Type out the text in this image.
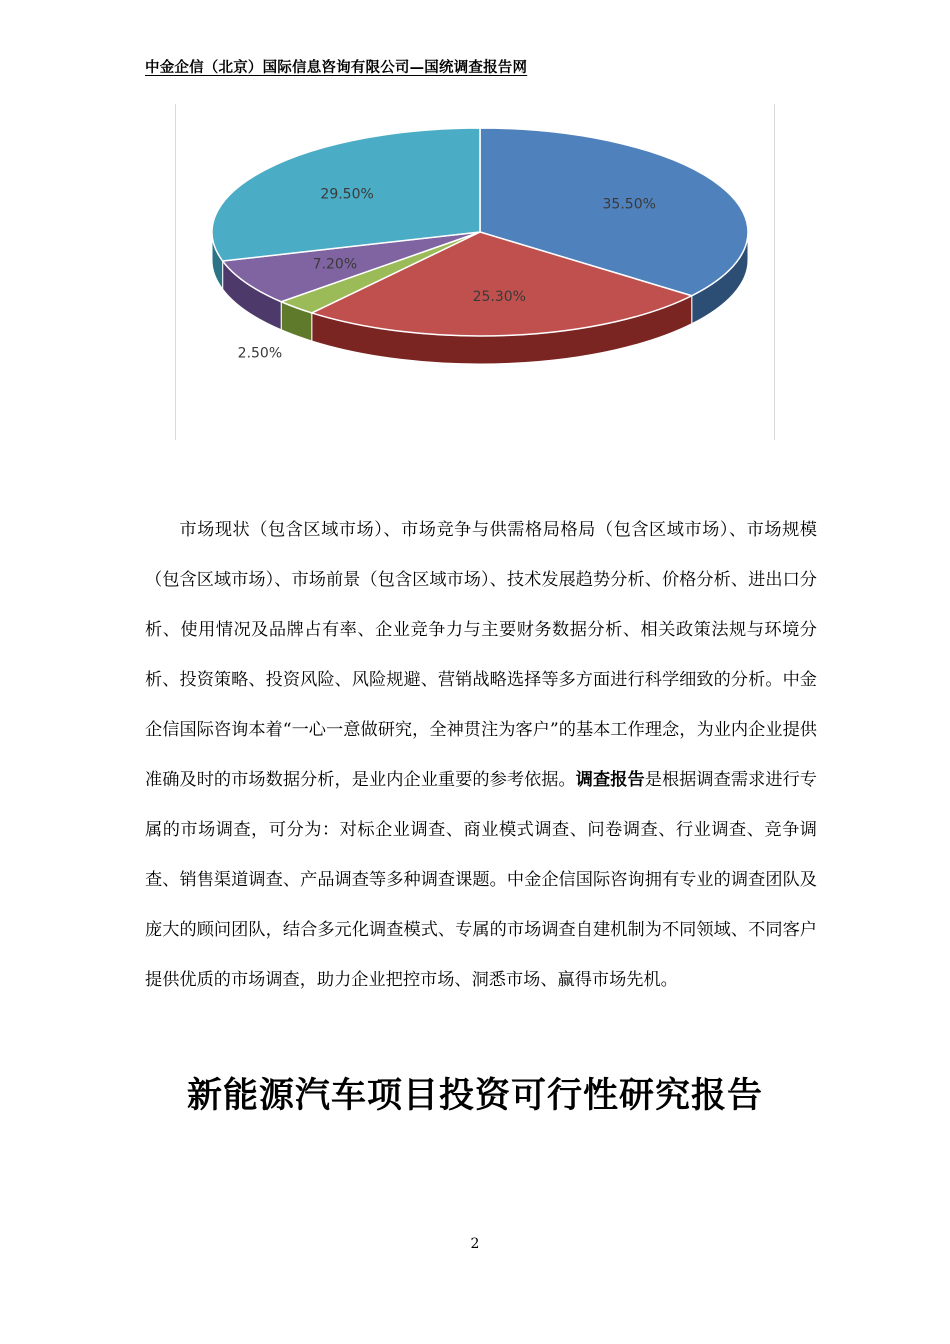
中金企信（北京）国际信息咨询有限公司—国统调查报告网
35.50%
25.30%
2.50%
7.20%
29.50%

市场现状（包含区域市场）、市场竞争与供需格局格局（包含区域市场）、市场规模（包含区域市场）、市场前景（包含区域市场）、技术发展趋势分析、价格分析、进出口分析、使用情况及品牌占有率、企业竞争力与主要财务数据分析、相关政策法规与环境分析、投资策略、投资风险、风险规避、营销战略选择等多方面进行科学细致的分析。中金企信国际咨询本着“一心一意做研究，全神贯注为客户”的基本工作理念，为业内企业提供准确及时的市场数据分析，是业内企业重要的参考依据。调查报告是根据调查需求进行专属的市场调查，可分为：对标企业调查、商业模式调查、问卷调查、行业调查、竞争调查、销售渠道调查、产品调查等多种调查课题。中金企信国际咨询拥有专业的调查团队及庞大的顾问团队，结合多元化调查模式、专属的市场调查自建机制为不同领域、不同客户提供优质的市场调查，助力企业把控市场、洞悉市场、赢得市场先机。

新能源汽车项目投资可行性研究报告
2
